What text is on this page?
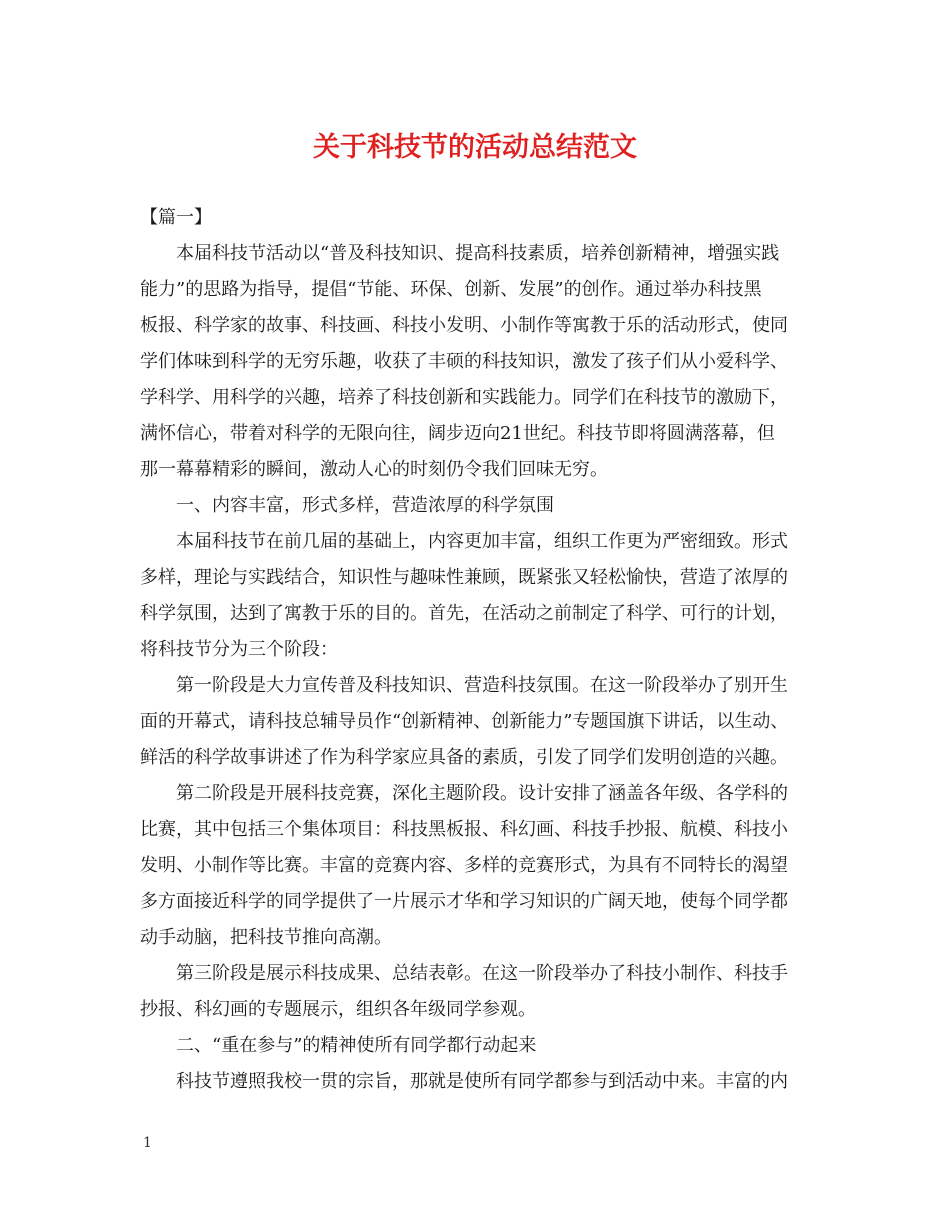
关于科技节的活动总结范文
【篇一】
本届科技节活动以“普及科技知识、提高科技素质，培养创新精神，增强实践
能力”的思路为指导，提倡“节能、环保、创新、发展”的创作。通过举办科技黑
板报、科学家的故事、科技画、科技小发明、小制作等寓教于乐的活动形式，使同
学们体味到科学的无穷乐趣，收获了丰硕的科技知识，激发了孩子们从小爱科学、
学科学、用科学的兴趣，培养了科技创新和实践能力。同学们在科技节的激励下，
满怀信心，带着对科学的无限向往，阔步迈向21世纪。科技节即将圆满落幕，但
那一幕幕精彩的瞬间，激动人心的时刻仍令我们回味无穷。
一、内容丰富，形式多样，营造浓厚的科学氛围
本届科技节在前几届的基础上，内容更加丰富，组织工作更为严密细致。形式
多样，理论与实践结合，知识性与趣味性兼顾，既紧张又轻松愉快，营造了浓厚的
科学氛围，达到了寓教于乐的目的。首先，在活动之前制定了科学、可行的计划，
将科技节分为三个阶段：
第一阶段是大力宣传普及科技知识、营造科技氛围。在这一阶段举办了别开生
面的开幕式，请科技总辅导员作“创新精神、创新能力”专题国旗下讲话，以生动、
鲜活的科学故事讲述了作为科学家应具备的素质，引发了同学们发明创造的兴趣。
第二阶段是开展科技竞赛，深化主题阶段。设计安排了涵盖各年级、各学科的
比赛，其中包括三个集体项目：科技黑板报、科幻画、科技手抄报、航模、科技小
发明、小制作等比赛。丰富的竞赛内容、多样的竞赛形式，为具有不同特长的渴望
多方面接近科学的同学提供了一片展示才华和学习知识的广阔天地，使每个同学都
动手动脑，把科技节推向高潮。
第三阶段是展示科技成果、总结表彰。在这一阶段举办了科技小制作、科技手
抄报、科幻画的专题展示，组织各年级同学参观。
二、“重在参与”的精神使所有同学都行动起来
科技节遵照我校一贯的宗旨，那就是使所有同学都参与到活动中来。丰富的内
1
